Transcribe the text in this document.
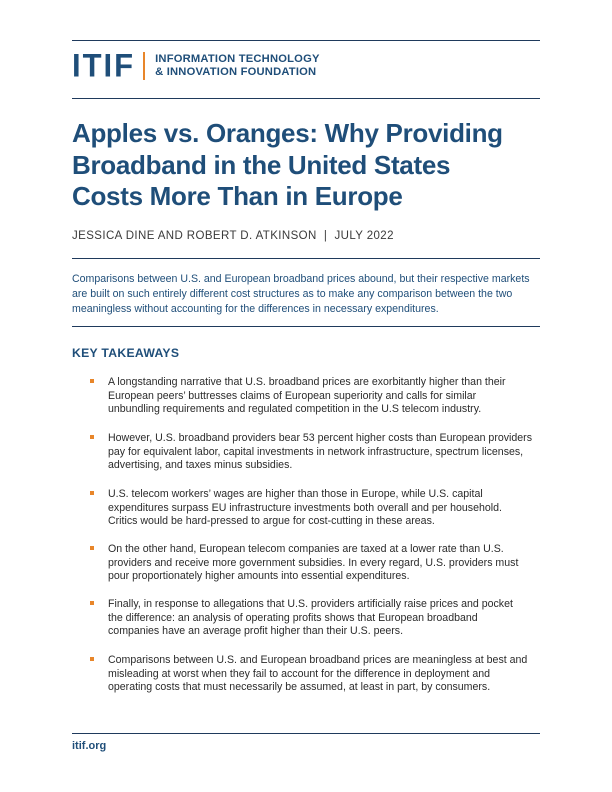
ITIF INFORMATION TECHNOLOGY
& INNOVATION FOUNDATION
Apples vs. Oranges: Why Providing
Broadband in the United States
Costs More Than in Europe
JESSICA DINE AND ROBERT D. ATKINSON  |  JULY 2022

Comparisons between U.S. and European broadband prices abound, but their respective markets
are built on such entirely different cost structures as to make any comparison between the two
meaningless without accounting for the differences in necessary expenditures.

KEY TAKEAWAYS
A longstanding narrative that U.S. broadband prices are exorbitantly higher than their
European peers’ buttresses claims of European superiority and calls for similar
unbundling requirements and regulated competition in the U.S telecom industry.
However, U.S. broadband providers bear 53 percent higher costs than European providers
pay for equivalent labor, capital investments in network infrastructure, spectrum licenses,
advertising, and taxes minus subsidies.
U.S. telecom workers’ wages are higher than those in Europe, while U.S. capital
expenditures surpass EU infrastructure investments both overall and per household.
Critics would be hard-pressed to argue for cost-cutting in these areas.
On the other hand, European telecom companies are taxed at a lower rate than U.S.
providers and receive more government subsidies. In every regard, U.S. providers must
pour proportionately higher amounts into essential expenditures.
Finally, in response to allegations that U.S. providers artificially raise prices and pocket
the difference: an analysis of operating profits shows that European broadband
companies have an average profit higher than their U.S. peers.
Comparisons between U.S. and European broadband prices are meaningless at best and
misleading at worst when they fail to account for the difference in deployment and
operating costs that must necessarily be assumed, at least in part, by consumers.
itif.org
